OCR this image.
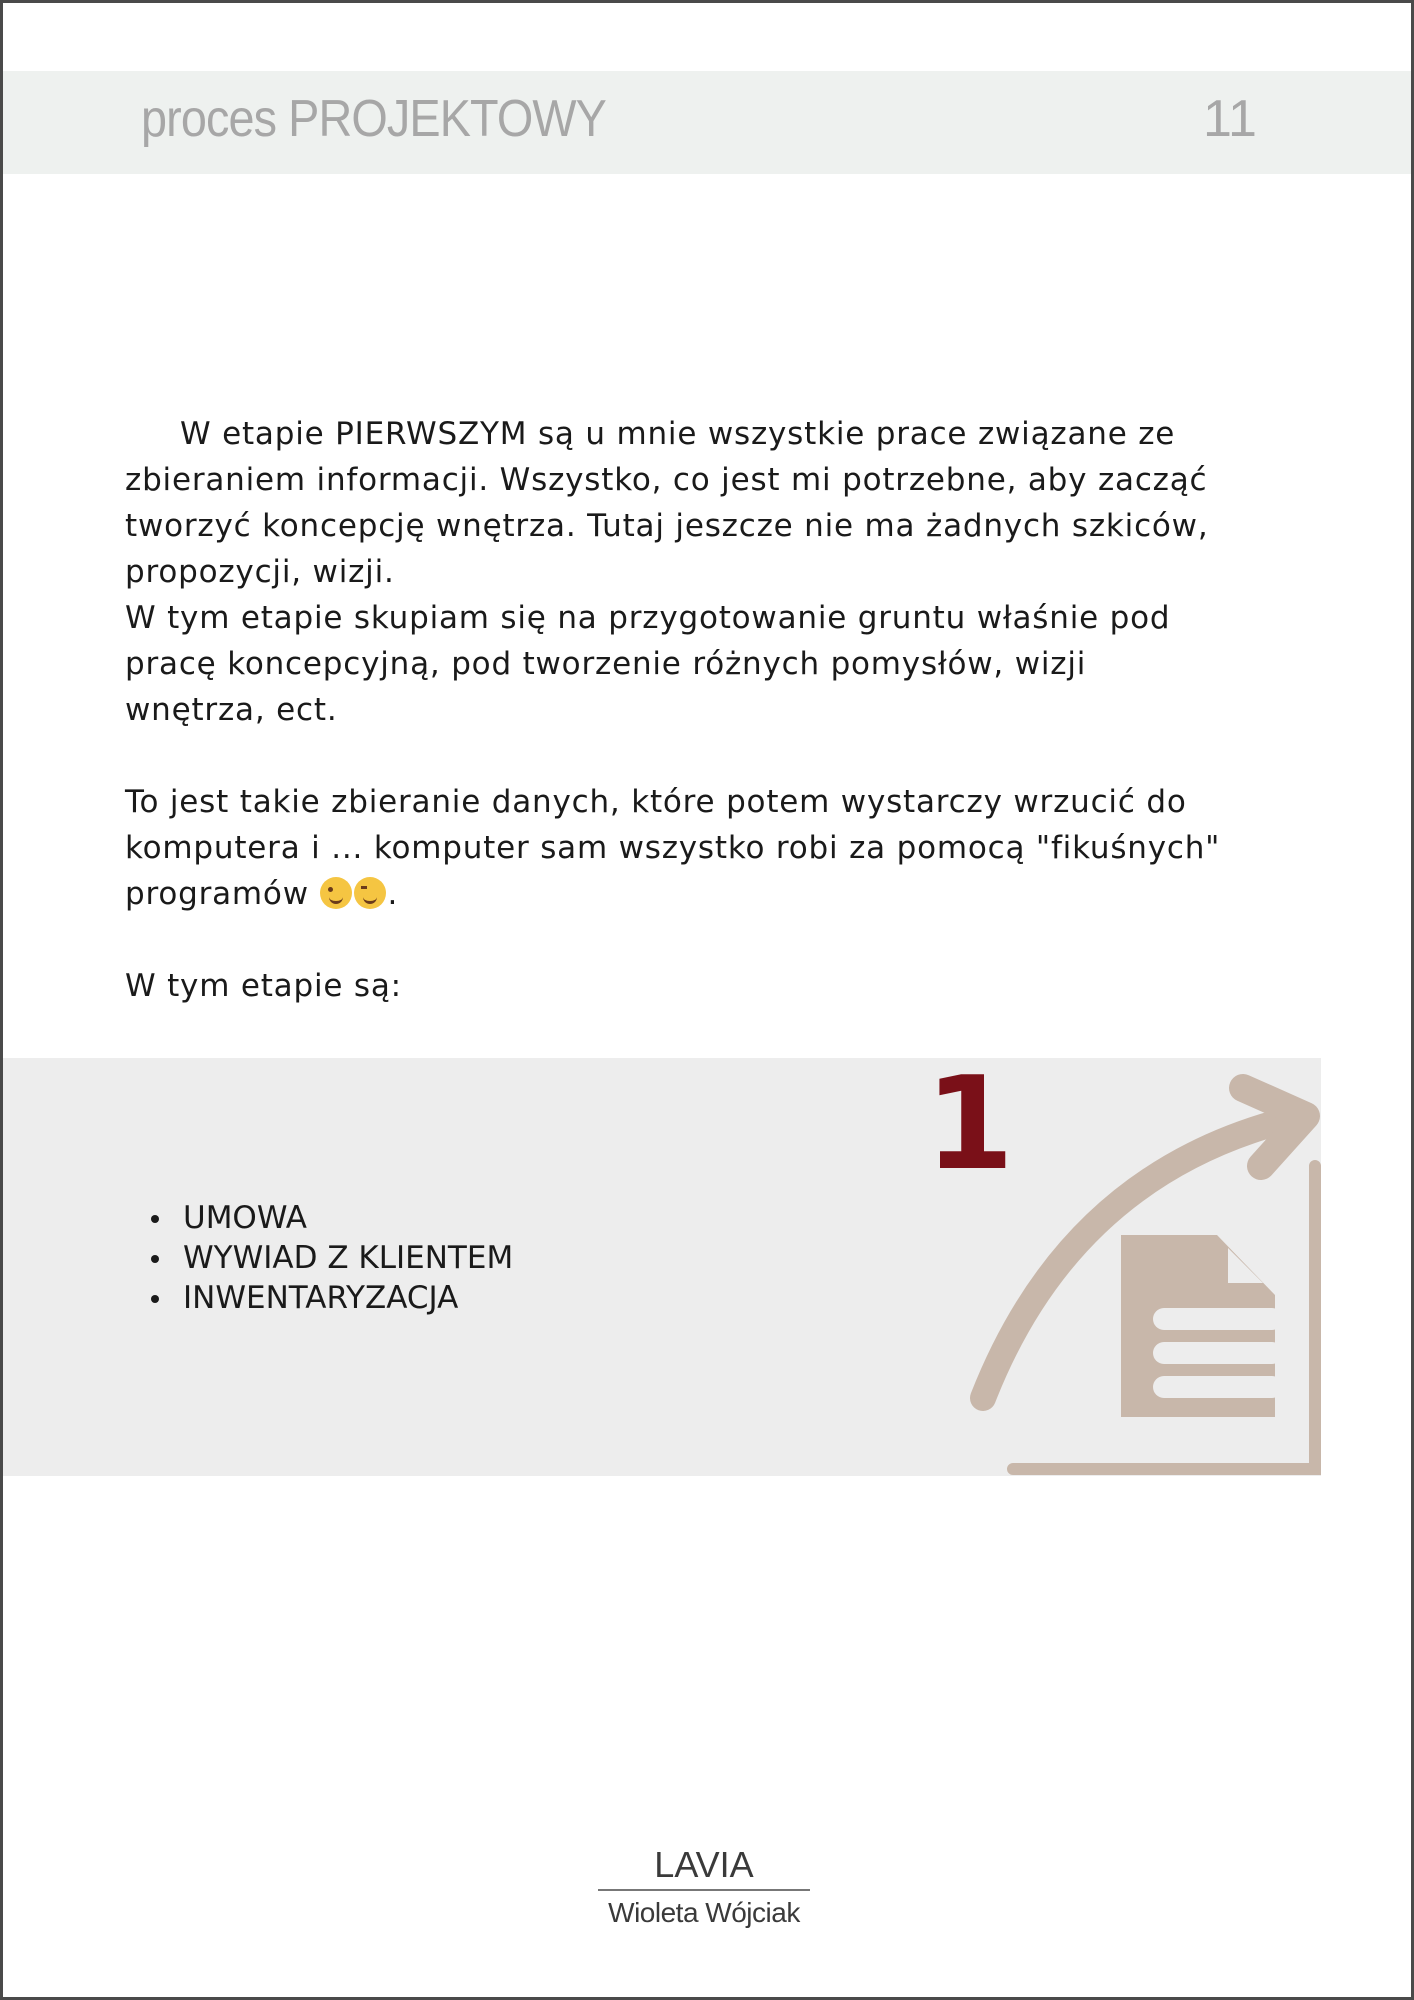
proces PROJEKTOWY	11

W etapie PIERWSZYM są u mnie wszystkie prace związane ze

zbieraniem informacji. Wszystko, co jest mi potrzebne, aby zacząć

tworzyć koncepcję wnętrza. Tutaj jeszcze nie ma żadnych szkiców,

propozycji, wizji.

W tym etapie skupiam się na przygotowanie gruntu właśnie pod

pracę koncepcyjną, pod tworzenie różnych pomysłów, wizji

wnętrza, ect.

To jest takie zbieranie danych, które potem wystarczy wrzucić do

komputera i ... komputer sam wszystko robi za pomocą "fikuśnych"

programów	.

W tym etapie są:

UMOWA
WYWIAD Z KLIENTEM
INWENTARYZACJA
1
LAVIA
Wioleta Wójciak
